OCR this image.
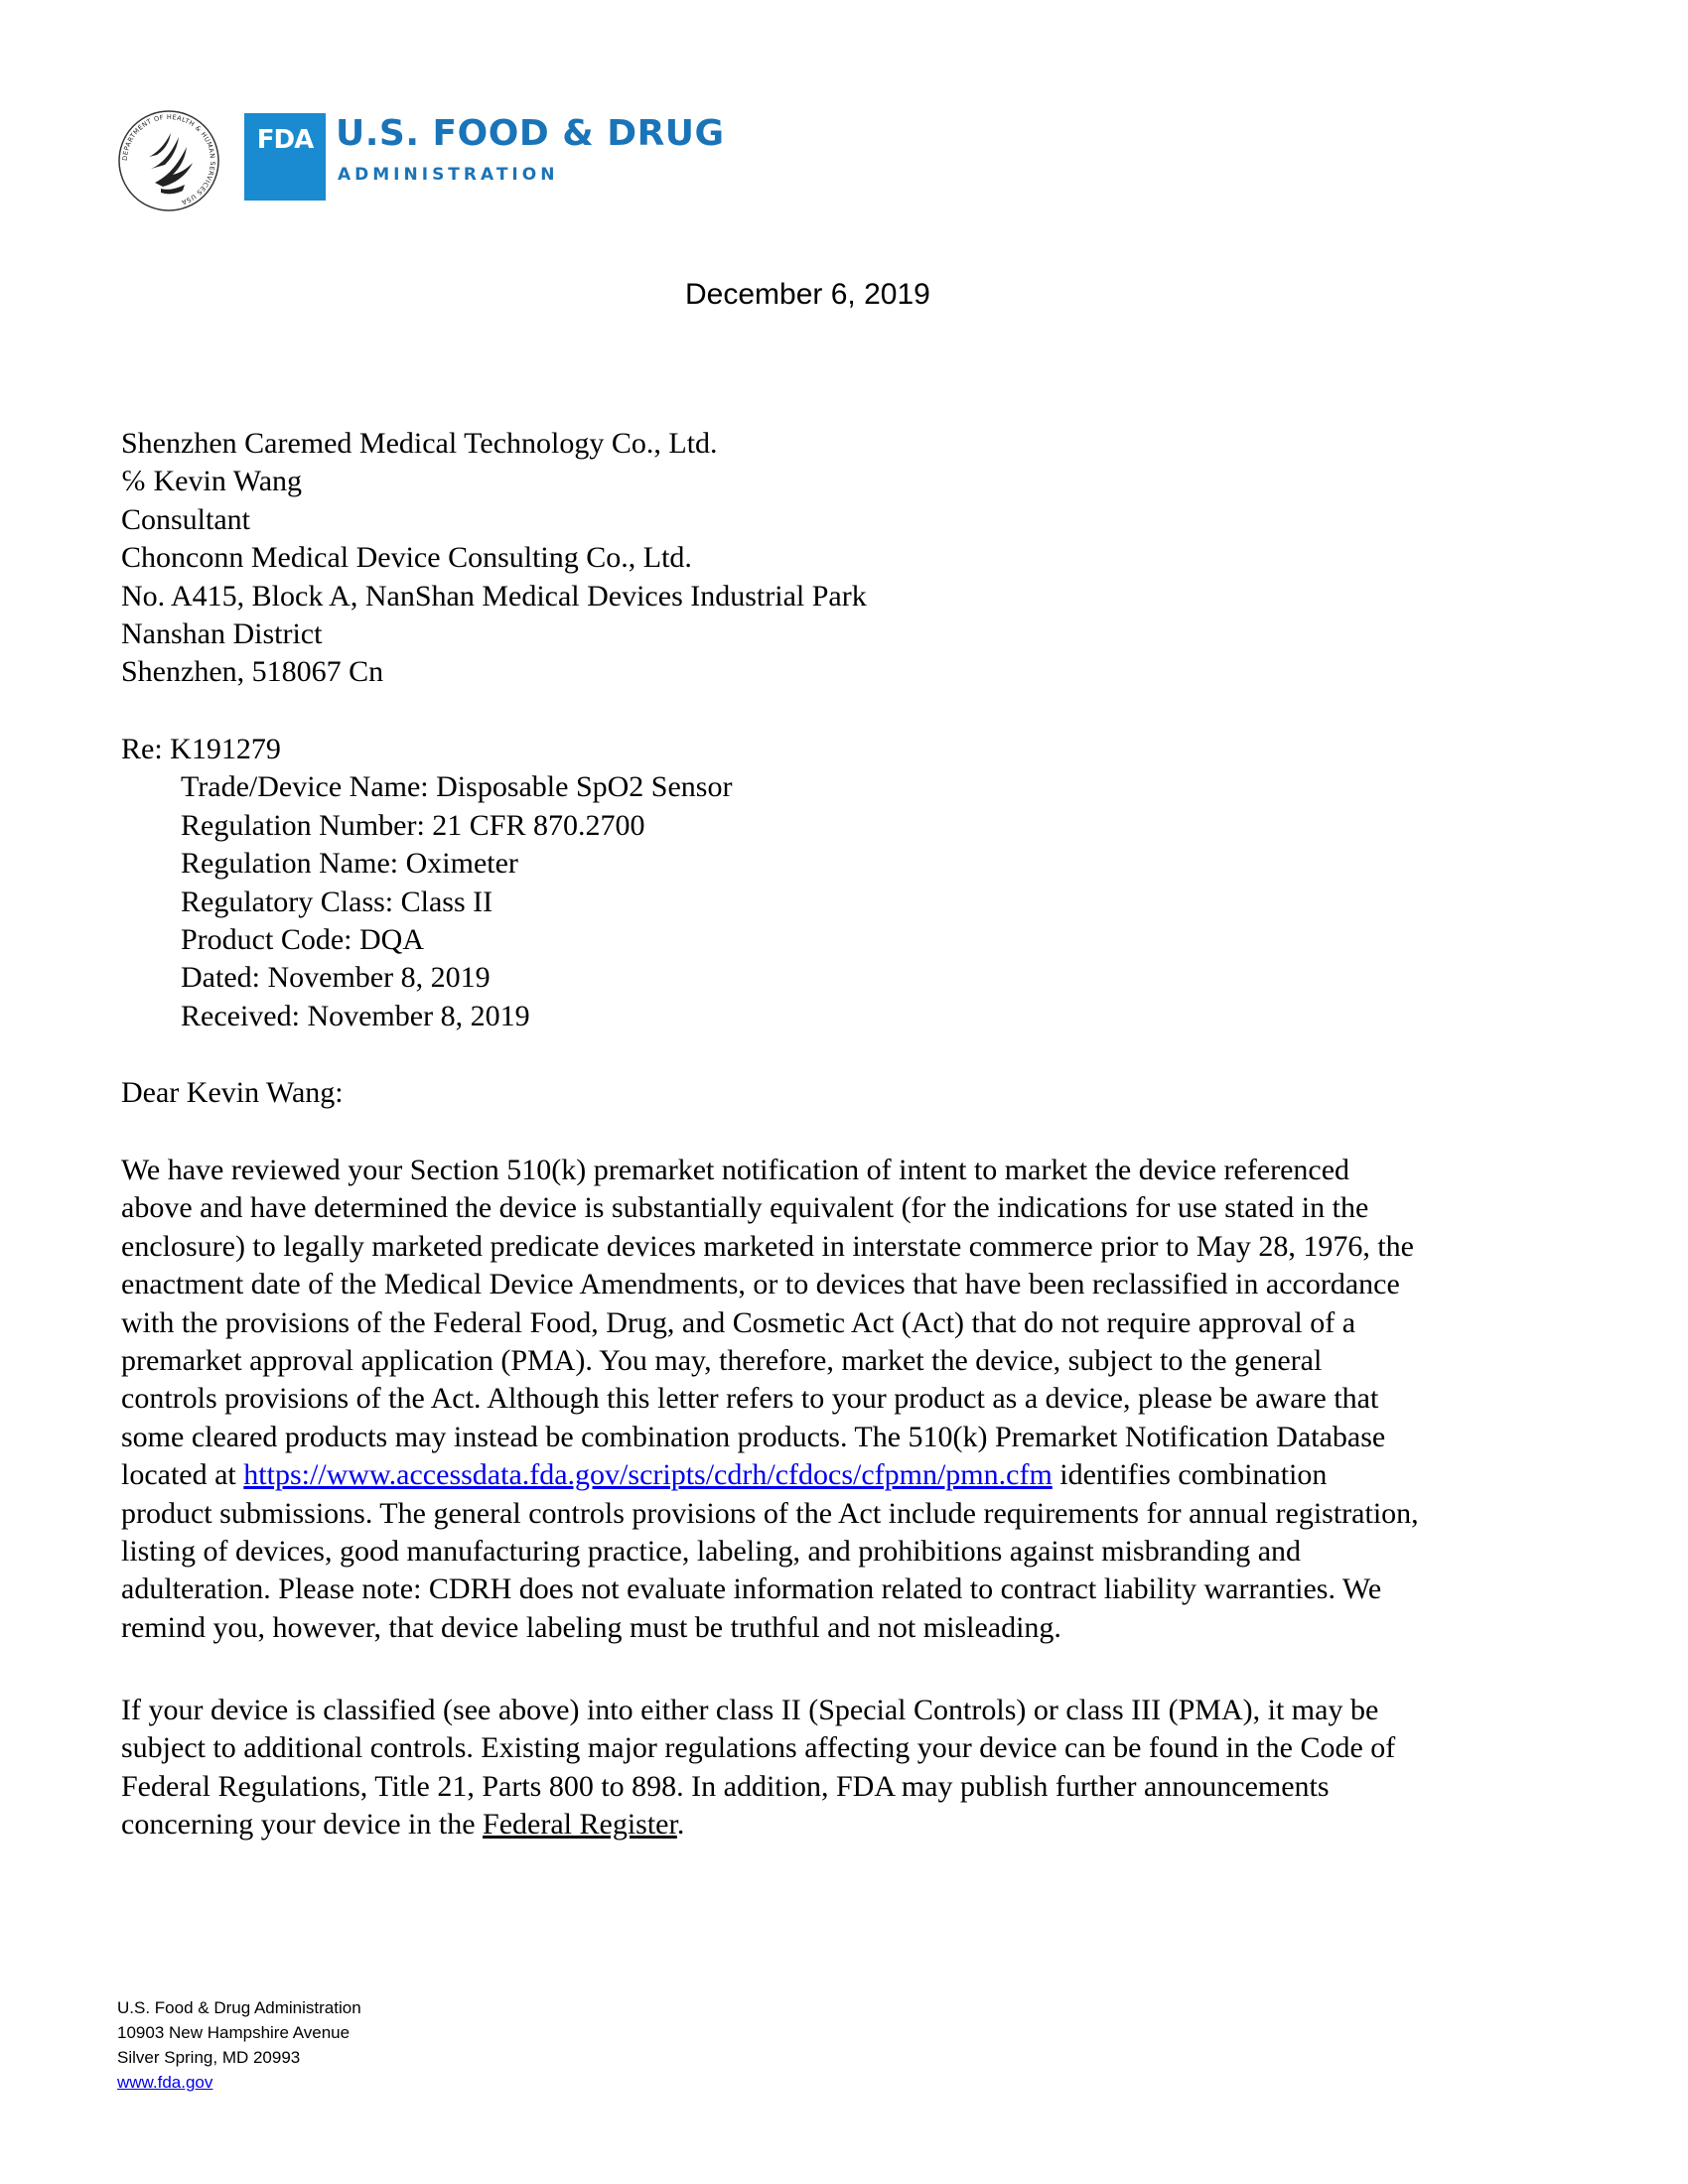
DEPARTMENT OF HEALTH & HUMAN SERVICES USA
FDA U.S. FOOD & DRUG
ADMINISTRATION
December 6, 2019
Shenzhen Caremed Medical Technology Co., Ltd.
℅ Kevin Wang
Consultant
Chonconn Medical Device Consulting Co., Ltd.
No. A415, Block A, NanShan Medical Devices Industrial Park
Nanshan District
Shenzhen, 518067 Cn
Re: K191279
Trade/Device Name: Disposable SpO2 Sensor
Regulation Number: 21 CFR 870.2700
Regulation Name: Oximeter
Regulatory Class: Class II
Product Code: DQA
Dated: November 8, 2019
Received: November 8, 2019
Dear Kevin Wang:
We have reviewed your Section 510(k) premarket notification of intent to market the device referenced
above and have determined the device is substantially equivalent (for the indications for use stated in the
enclosure) to legally marketed predicate devices marketed in interstate commerce prior to May 28, 1976, the
enactment date of the Medical Device Amendments, or to devices that have been reclassified in accordance
with the provisions of the Federal Food, Drug, and Cosmetic Act (Act) that do not require approval of a
premarket approval application (PMA). You may, therefore, market the device, subject to the general
controls provisions of the Act. Although this letter refers to your product as a device, please be aware that
some cleared products may instead be combination products. The 510(k) Premarket Notification Database
located at https://www.accessdata.fda.gov/scripts/cdrh/cfdocs/cfpmn/pmn.cfm identifies combination
product submissions. The general controls provisions of the Act include requirements for annual registration,
listing of devices, good manufacturing practice, labeling, and prohibitions against misbranding and
adulteration. Please note: CDRH does not evaluate information related to contract liability warranties. We
remind you, however, that device labeling must be truthful and not misleading.
If your device is classified (see above) into either class II (Special Controls) or class III (PMA), it may be
subject to additional controls. Existing major regulations affecting your device can be found in the Code of
Federal Regulations, Title 21, Parts 800 to 898. In addition, FDA may publish further announcements
concerning your device in the Federal Register.
U.S. Food & Drug Administration
10903 New Hampshire Avenue
Silver Spring, MD 20993
www.fda.gov
